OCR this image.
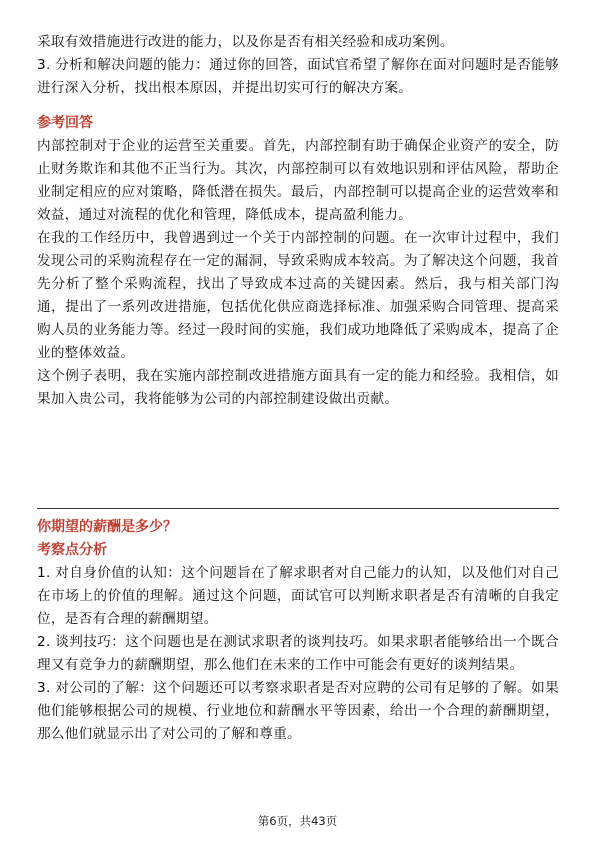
采取有效措施进行改进的能力，以及你是否有相关经验和成功案例。

3. 分析和解决问题的能力：通过你的回答，面试官希望了解你在面对问题时是否能够进行深入分析，找出根本原因，并提出切实可行的解决方案。

参考回答

内部控制对于企业的运营至关重要。首先，内部控制有助于确保企业资产的安全，防止财务欺诈和其他不正当行为。其次，内部控制可以有效地识别和评估风险，帮助企业制定相应的应对策略，降低潜在损失。最后，内部控制可以提高企业的运营效率和效益，通过对流程的优化和管理，降低成本，提高盈利能力。

在我的工作经历中，我曾遇到过一个关于内部控制的问题。在一次审计过程中，我们发现公司的采购流程存在一定的漏洞，导致采购成本较高。为了解决这个问题，我首先分析了整个采购流程，找出了导致成本过高的关键因素。然后，我与相关部门沟通，提出了一系列改进措施，包括优化供应商选择标准、加强采购合同管理、提高采购人员的业务能力等。经过一段时间的实施，我们成功地降低了采购成本，提高了企业的整体效益。

这个例子表明，我在实施内部控制改进措施方面具有一定的能力和经验。我相信，如果加入贵公司，我将能够为公司的内部控制建设做出贡献。

你期望的薪酬是多少？
考察点分析

1. 对自身价值的认知：这个问题旨在了解求职者对自己能力的认知，以及他们对自己在市场上的价值的理解。通过这个问题，面试官可以判断求职者是否有清晰的自我定位，是否有合理的薪酬期望。

2. 谈判技巧：这个问题也是在测试求职者的谈判技巧。如果求职者能够给出一个既合理又有竞争力的薪酬期望，那么他们在未来的工作中可能会有更好的谈判结果。

3. 对公司的了解：这个问题还可以考察求职者是否对应聘的公司有足够的了解。如果他们能够根据公司的规模、行业地位和薪酬水平等因素，给出一个合理的薪酬期望，那么他们就显示出了对公司的了解和尊重。

第6页，共43页
